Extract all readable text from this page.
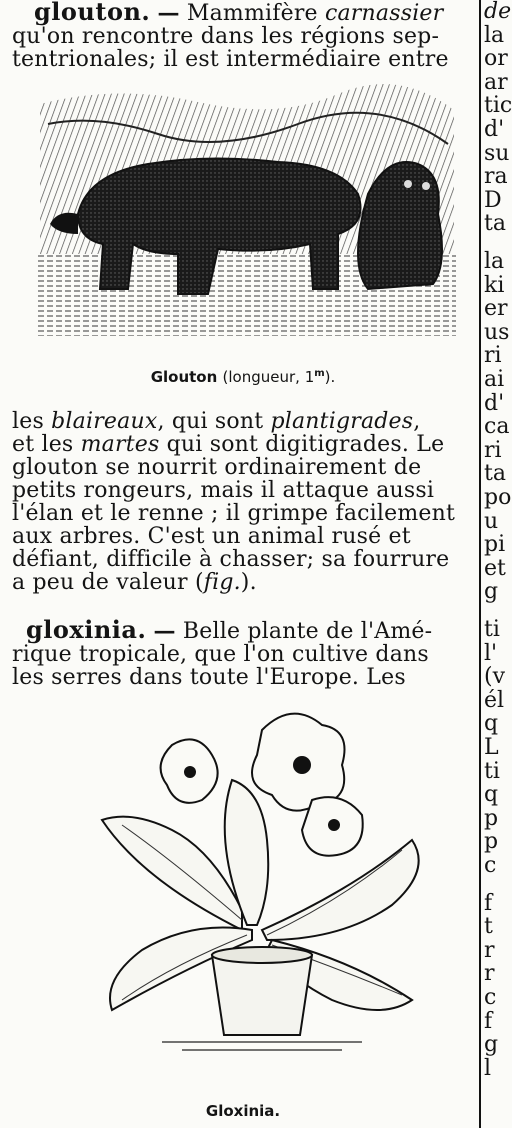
glouton. — Mammifère carnassier
qu'on rencontre dans les régions sep-
tentrionales; il est intermédiaire entre
Glouton (longueur, 1$^m$).
les blaireaux, qui sont plantigrades,
et les martes qui sont digitigrades. Le
glouton se nourrit ordinairement de
petits rongeurs, mais il attaque aussi
l'élan et le renne ; il grimpe facilement
aux arbres. C'est un animal rusé et
défiant, difficile à chasser; sa fourrure
a peu de valeur (fig.).
gloxinia. — Belle plante de l'Amé-
rique tropicale, que l'on cultive dans
les serres dans toute l'Europe. Les
Gloxinia.
de
la
or
ar
tic
d'
su
ra
D
ta
la
ki
er
us
ri
ai
d'
ca
ri
ta
po
u
pi
et
g
ti
l'
(v
él
q
L
ti
q
p
p
c
f
t
r
r
c
f
g
l
